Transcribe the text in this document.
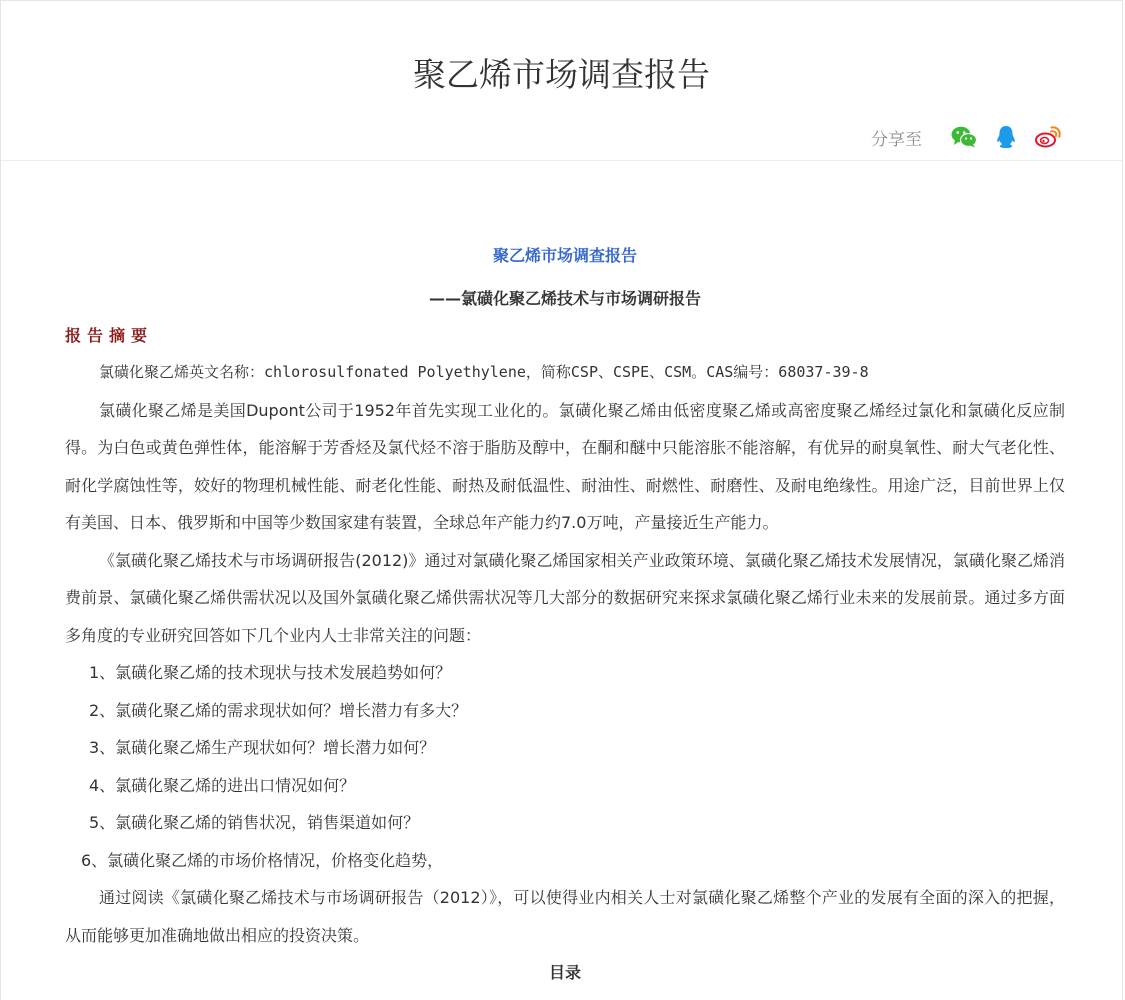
聚乙烯市场调查报告
分享至
聚乙烯市场调查报告
——氯磺化聚乙烯技术与市场调研报告
报告摘要

氯磺化聚乙烯英文名称：chlorosulfonated Polyethylene，简称CSP、CSPE、CSM。CAS编号：68037-39-8

氯磺化聚乙烯是美国Dupont公司于1952年首先实现工业化的。氯磺化聚乙烯由低密度聚乙烯或高密度聚乙烯经过氯化和氯磺化反应制得。为白色或黄色弹性体，能溶解于芳香烃及氯代烃不溶于脂肪及醇中，在酮和醚中只能溶胀不能溶解，有优异的耐臭氧性、耐大气老化性、耐化学腐蚀性等，姣好的物理机械性能、耐老化性能、耐热及耐低温性、耐油性、耐燃性、耐磨性、及耐电绝缘性。用途广泛，目前世界上仅有美国、日本、俄罗斯和中国等少数国家建有装置，全球总年产能力约7.0万吨，产量接近生产能力。

《氯磺化聚乙烯技术与市场调研报告(2012)》通过对氯磺化聚乙烯国家相关产业政策环境、氯磺化聚乙烯技术发展情况，氯磺化聚乙烯消费前景、氯磺化聚乙烯供需状况以及国外氯磺化聚乙烯供需状况等几大部分的数据研究来探求氯磺化聚乙烯行业未来的发展前景。通过多方面多角度的专业研究回答如下几个业内人士非常关注的问题：

1、氯磺化聚乙烯的技术现状与技术发展趋势如何？

2、氯磺化聚乙烯的需求现状如何？增长潜力有多大？

3、氯磺化聚乙烯生产现状如何？增长潜力如何？

4、氯磺化聚乙烯的进出口情况如何？

5、氯磺化聚乙烯的销售状况，销售渠道如何？

6、氯磺化聚乙烯的市场价格情况，价格变化趋势，

通过阅读《氯磺化聚乙烯技术与市场调研报告（2012）》，可以使得业内相关人士对氯磺化聚乙烯整个产业的发展有全面的深入的把握，从而能够更加准确地做出相应的投资决策。

目录
